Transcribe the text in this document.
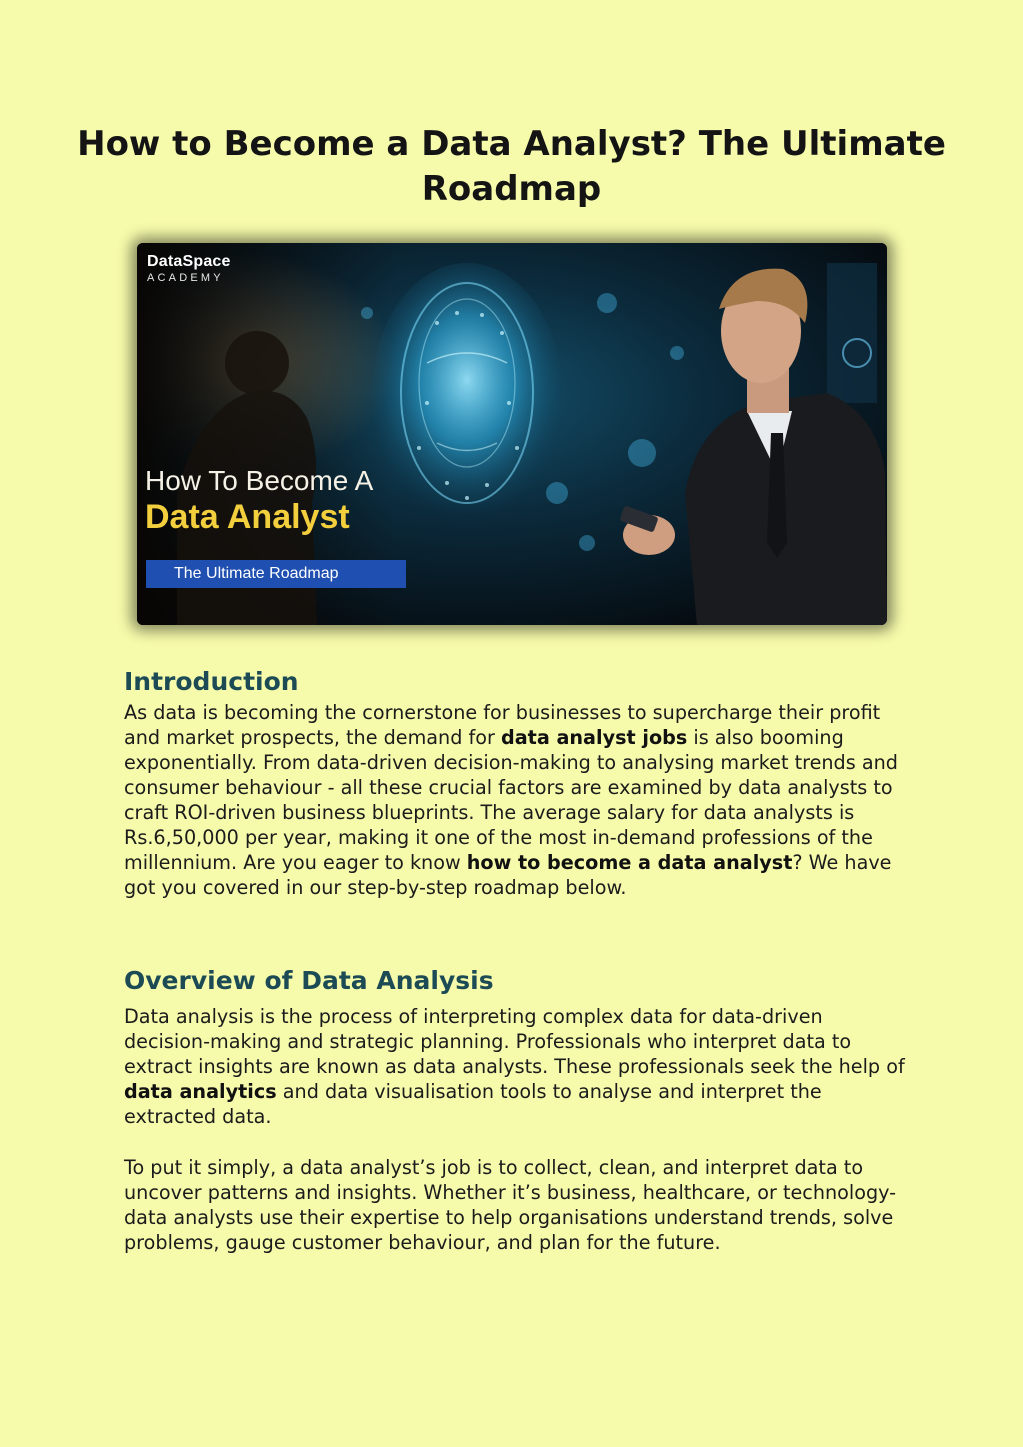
How to Become a Data Analyst? The Ultimate Roadmap
DataSpace
ACADEMY
How To Become A
Data Analyst
The Ultimate Roadmap
Introduction

As data is becoming the cornerstone for businesses to supercharge their profit and market prospects, the demand for data analyst jobs is also booming exponentially. From data-driven decision-making to analysing market trends and consumer behaviour - all these crucial factors are examined by data analysts to craft ROI-driven business blueprints. The average salary for data analysts is Rs.6,50,000 per year, making it one of the most in-demand professions of the millennium. Are you eager to know how to become a data analyst? We have got you covered in our step-by-step roadmap below.

Overview of Data Analysis

Data analysis is the process of interpreting complex data for data-driven decision-making and strategic planning. Professionals who interpret data to extract insights are known as data analysts. These professionals seek the help of data analytics and data visualisation tools to analyse and interpret the extracted data.

To put it simply, a data analyst’s job is to collect, clean, and interpret data to uncover patterns and insights. Whether it’s business, healthcare, or technology- data analysts use their expertise to help organisations understand trends, solve problems, gauge customer behaviour, and plan for the future.
